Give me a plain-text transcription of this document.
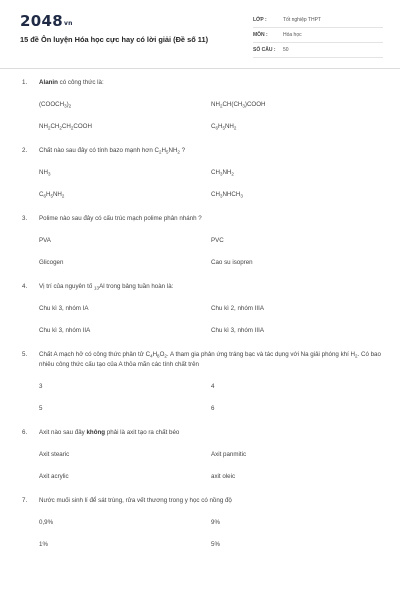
2048vn
15 đề Ôn luyện Hóa học cực hay có lời giải (Đề số 11)
LỚP :	Tốt nghiệp THPT
MÔN :	Hóa học
SỐ CÂU :	50
1.	Alanin có công thức là:
$(COOCH_3)_2$	$NH_2CH(CH_3)COOH$
$NH_2CH_2CH_2COOH$	$C_6H_5NH_2$
2.	Chất nào sau đây có tính bazo mạnh hơn $C_2H_5NH_2$ ?
$NH_3$	$CH_3NH_2$
$C_6H_5NH_2$	$CH_3NHCH_3$
3.	Polime nào sau đây có cấu trúc mạch polime phân nhánh ?
PVA	PVC
Glicogen	Cao su isopren
4.	Vị trí của nguyên tố $_{13}$Al trong bảng tuần hoàn là:
Chu kì 3, nhóm IA	Chu kì 2, nhóm IIIA
Chu kì 3, nhóm IIA	Chu kì 3, nhóm IIIA
5.	Chất A mạch hở có công thức phân tử $C_4H_8O_2$. A tham gia phản ứng tráng bạc và tác dụng với Na giải phóng khí $H_2$. Có bao nhiêu công thức cấu tạo của A thỏa mãn các tính chất trên
3	4
5	6
6.	Axit nào sau đây không phải là axit tạo ra chất béo
Axit stearic	Axit panmitic
Axit acrylic	axit oleic
7.	Nước muối sinh lí để sát trùng, rửa vết thương trong y học có nồng độ
0,9%	9%
1%	5%
